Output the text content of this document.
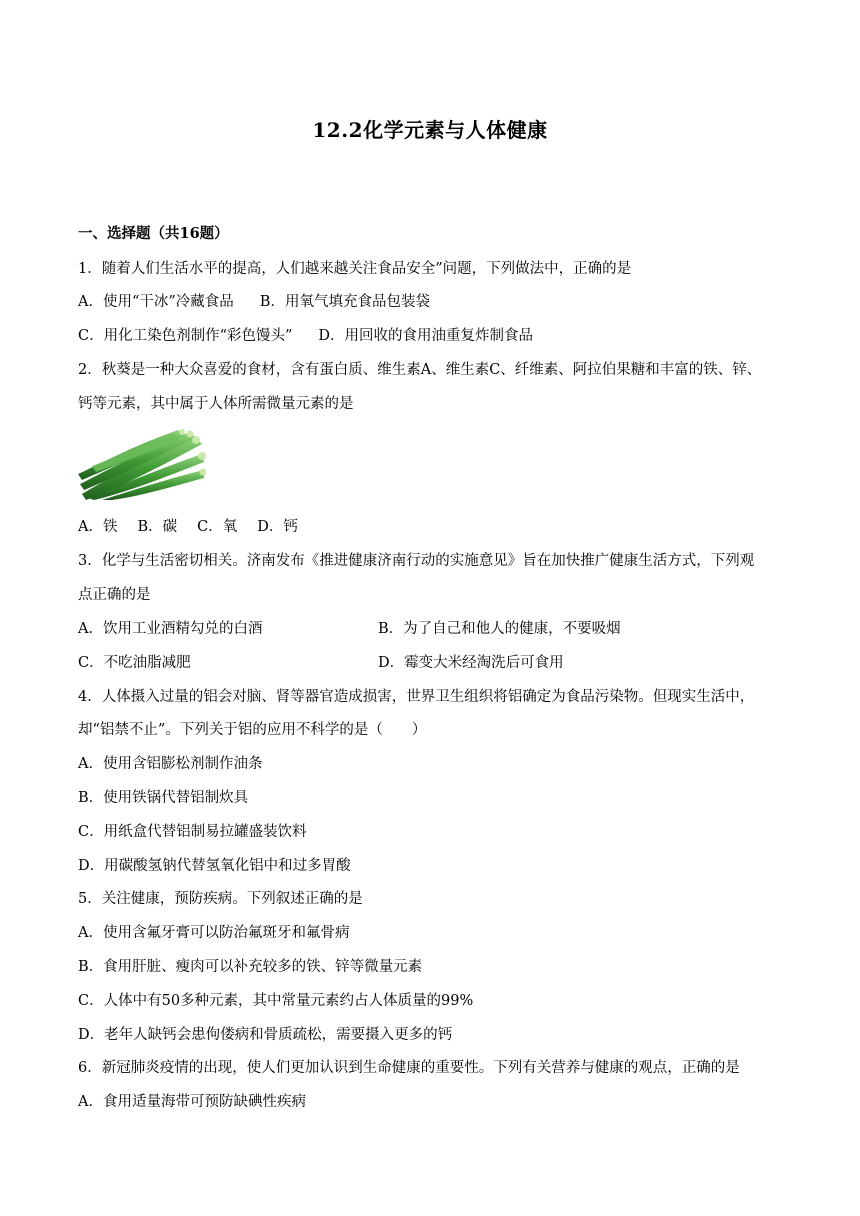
12.2化学元素与人体健康
一、选择题（共16题）
1．随着人们生活水平的提高，人们越来越关注食品安全”问题，下列做法中，正确的是
A．使用“干冰”冷藏食品 B．用氧气填充食品包装袋
C．用化工染色剂制作“彩色馒头” D．用回收的食用油重复炸制食品
2．秋葵是一种大众喜爱的食材，含有蛋白质、维生素A、维生素C、纤维素、阿拉伯果糖和丰富的铁、锌、
钙等元素，其中属于人体所需微量元素的是
A．铁 B．碳 C．氧 D．钙
3．化学与生活密切相关。济南发布《推进健康济南行动的实施意见》旨在加快推广健康生活方式，下列观
点正确的是
A．饮用工业酒精勾兑的白酒	B．为了自己和他人的健康，不要吸烟
C．不吃油脂减肥	D．霉变大米经淘洗后可食用
4．人体摄入过量的铝会对脑、肾等器官造成损害，世界卫生组织将铝确定为食品污染物。但现实生活中，
却“铝禁不止”。下列关于铝的应用不科学的是（　　）
A．使用含铝膨松剂制作油条
B．使用铁锅代替铝制炊具
C．用纸盒代替铝制易拉罐盛装饮料
D．用碳酸氢钠代替氢氧化铝中和过多胃酸
5．关注健康，预防疾病。下列叙述正确的是
A．使用含氟牙膏可以防治氟斑牙和氟骨病
B．食用肝脏、瘦肉可以补充较多的铁、锌等微量元素
C．人体中有50多种元素，其中常量元素约占人体质量的99%
D．老年人缺钙会患佝偻病和骨质疏松，需要摄入更多的钙
6．新冠肺炎疫情的出现，使人们更加认识到生命健康的重要性。下列有关营养与健康的观点，正确的是
A．食用适量海带可预防缺碘性疾病
